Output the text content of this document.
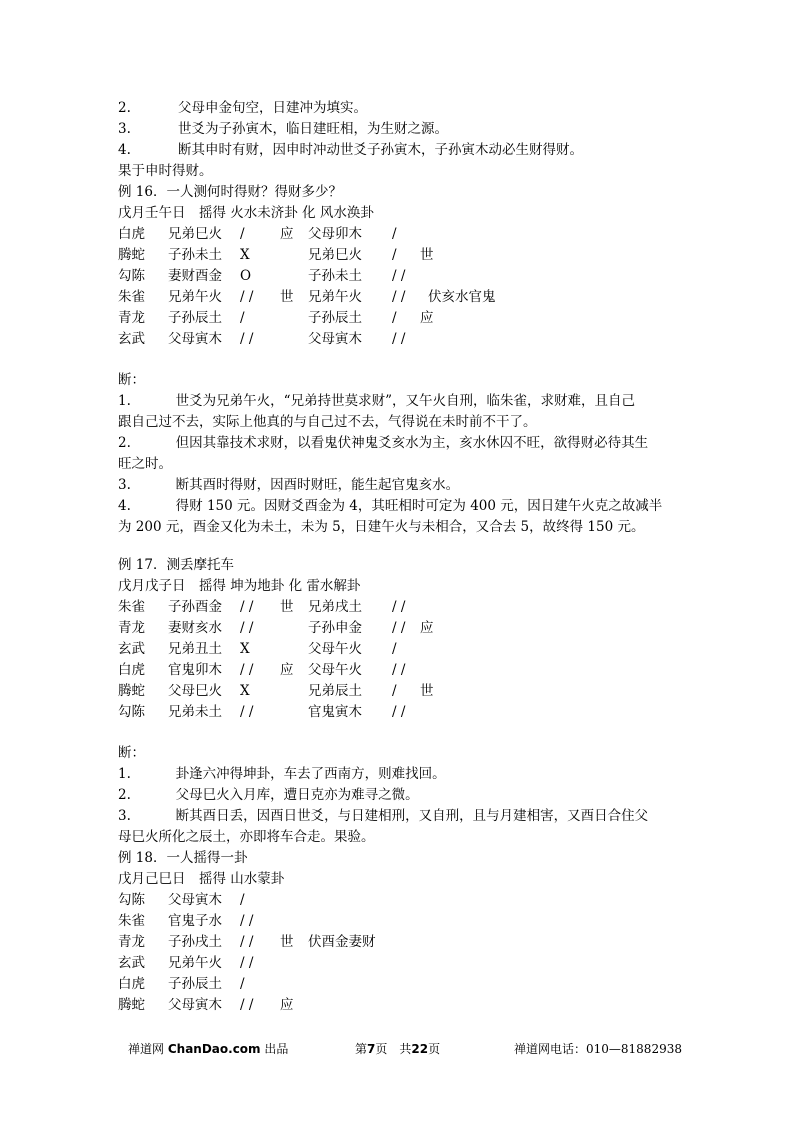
2.	父母申金旬空，日建冲为填实。
3.	世爻为子孙寅木，临日建旺相，为生财之源。
4.	断其申时有财，因申时冲动世爻子孙寅木，子孙寅木动必生财得财。
果于申时得财。
例 16．一人测何时得财？得财多少？
戊月壬午日　摇得 火水未济卦 化 风水涣卦
白虎 兄弟巳火 /	应 父母卯木 /
腾蛇 子孙未土 X	兄弟巳火 / 世
勾陈 妻财酉金 O	子孙未土 / /
朱雀 兄弟午火 / / 世 兄弟午火 / / 伏亥水官鬼
青龙 子孙辰土 /	子孙辰土 / 应
玄武 父母寅木 / /	父母寅木 / /
断：
1.　　　 世爻为兄弟午火，“兄弟持世莫求财”，又午火自刑，临朱雀，求财难，且自己
跟自己过不去，实际上他真的与自己过不去，气得说在未时前不干了。
2.　　　 但因其靠技术求财，以看鬼伏神鬼爻亥水为主，亥水休囚不旺，欲得财必待其生
旺之时。
3.　　　 断其酉时得财，因酉时财旺，能生起官鬼亥水。
4.　　　 得财 150 元。因财爻酉金为 4，其旺相时可定为 400 元，因日建午火克之故减半
为 200 元，酉金又化为未土，未为 5，日建午火与未相合，又合去 5，故终得 150 元。
例 17．测丢摩托车
戊月戊子日　摇得 坤为地卦 化 雷水解卦
朱雀 子孙酉金 / / 世 兄弟戌土 / /
青龙 妻财亥水 / /	子孙申金 / / 应
玄武 兄弟丑土 X	父母午火 /
白虎 官鬼卯木 / / 应 父母午火 / /
腾蛇 父母巳火 X	兄弟辰土 / 世
勾陈 兄弟未土 / /	官鬼寅木 / /
断：
1.　　　 卦逢六冲得坤卦，车去了西南方，则难找回。
2.　　　 父母巳火入月库，遭日克亦为难寻之微。
3.　　　 断其酉日丢，因酉日世爻，与日建相刑，又自刑，且与月建相害，又酉日合住父
母巳火所化之辰土，亦即将车合走。果验。
例 18．一人摇得一卦
戊月己巳日　摇得 山水蒙卦
勾陈 父母寅木 /
朱雀 官鬼子水 / /
青龙 子孙戌土 / / 世 伏酉金妻财
玄武 兄弟午火 / /
白虎 子孙辰土 /
腾蛇 父母寅木 / / 应
禅道网 ChanDao.com 出品	第7页　共22页	禅道网电话：010—81882938
